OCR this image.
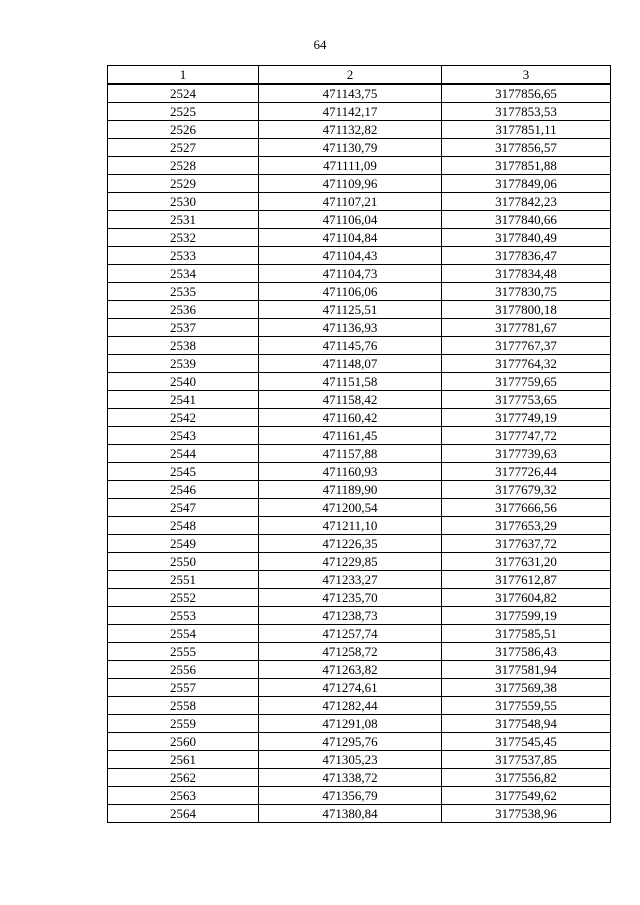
64
1	2	3
2524	471143,75	3177856,65
2525	471142,17	3177853,53
2526	471132,82	3177851,11
2527	471130,79	3177856,57
2528	471111,09	3177851,88
2529	471109,96	3177849,06
2530	471107,21	3177842,23
2531	471106,04	3177840,66
2532	471104,84	3177840,49
2533	471104,43	3177836,47
2534	471104,73	3177834,48
2535	471106,06	3177830,75
2536	471125,51	3177800,18
2537	471136,93	3177781,67
2538	471145,76	3177767,37
2539	471148,07	3177764,32
2540	471151,58	3177759,65
2541	471158,42	3177753,65
2542	471160,42	3177749,19
2543	471161,45	3177747,72
2544	471157,88	3177739,63
2545	471160,93	3177726,44
2546	471189,90	3177679,32
2547	471200,54	3177666,56
2548	471211,10	3177653,29
2549	471226,35	3177637,72
2550	471229,85	3177631,20
2551	471233,27	3177612,87
2552	471235,70	3177604,82
2553	471238,73	3177599,19
2554	471257,74	3177585,51
2555	471258,72	3177586,43
2556	471263,82	3177581,94
2557	471274,61	3177569,38
2558	471282,44	3177559,55
2559	471291,08	3177548,94
2560	471295,76	3177545,45
2561	471305,23	3177537,85
2562	471338,72	3177556,82
2563	471356,79	3177549,62
2564	471380,84	3177538,96
